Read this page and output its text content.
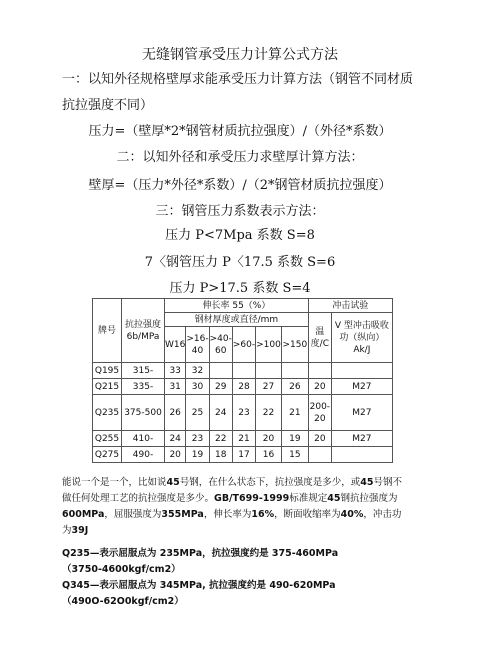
无缝钢管承受压力计算公式方法
一：以知外径规格壁厚求能承受压力计算方法（钢管不同材质
抗拉强度不同）
压力=（壁厚*2*钢管材质抗拉强度）/（外径*系数）
二：以知外径和承受压力求壁厚计算方法：
壁厚=（压力*外径*系数）/（2*钢管材质抗拉强度）
三：钢管压力系数表示方法：
压力 P<7Mpa 系数 S=8
7〈钢管压力 P〈17.5 系数 S=6
压力 P>17.5 系数 S=4
牌号	抗拉强度6b/MPa	伸长率 55（%）						冲击试验	
		钢材厚度或直径/mm						温度/C	V 型冲击吸收功（纵向）Ak/J
		W16	>16-40	>40-60	>60-	>100	>150		
Q195	315-	33	32						
Q215	335-	31	30	29	28	27	26	20	M27
Q235	375-500	26	25	24	23	22	21	200-20	M27
Q255	410-	24	23	22	21	20	19	20	M27
Q275	490-	20	19	18	17	16	15		
能说一个是一个，比如说45号钢，在什么状态下，抗拉强度是多少，或45号钢不做任何处理工艺的抗拉强度是多少。GB/T699-1999标准规定45钢抗拉强度为600MPa，屈服强度为355MPa，伸长率为16%，断面收缩率为40%，冲击功为39J
Q235—表示屈服点为 235MPa，抗拉强度约是 375-460MPa
（3750-4600kgf/cm2）
Q345—表示屈服点为 345MPa, 抗拉强度约是 490-620MPa
（490O-62O0kgf/cm2）
